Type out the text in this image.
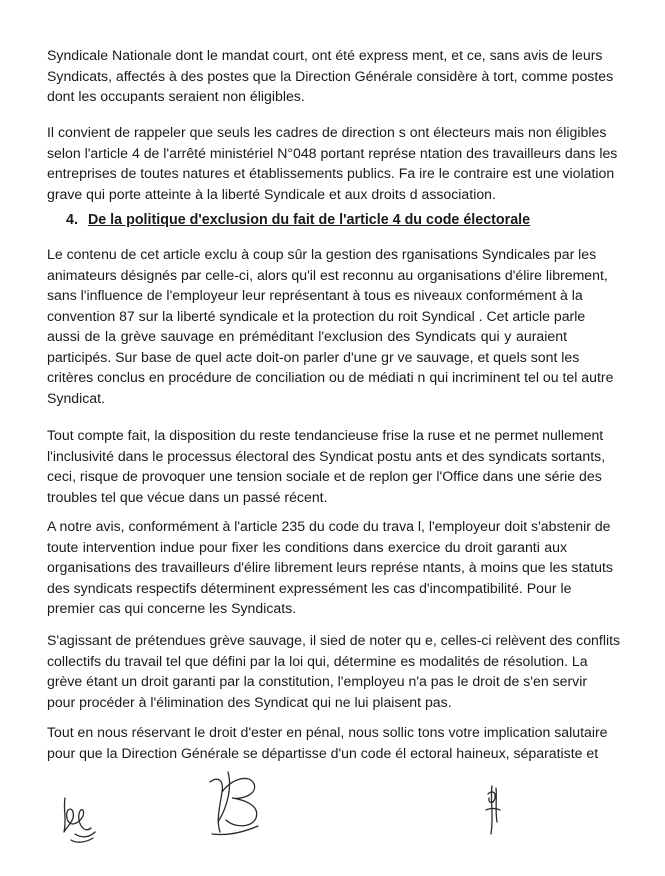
Syndicale Nationale dont le mandat court, ont été express ment, et ce, sans avis de leurs
Syndicats, affectés à des postes que la Direction Générale considère à tort, comme postes
dont les occupants seraient non éligibles.

Il convient de rappeler que seuls les cadres de direction s ont électeurs mais non éligibles
selon l'article 4 de l'arrêté ministériel N°048 portant représe ntation des travailleurs dans les
entreprises de toutes natures et établissements publics. Fa ire le contraire est une violation
grave qui porte atteinte à la liberté Syndicale et aux droits d association.

4. De la politique d'exclusion du fait de l'article 4 du code électorale

Le contenu de cet article exclu à coup sûr la gestion des rganisations Syndicales par les
animateurs désignés par celle-ci, alors qu'il est reconnu au organisations d'élire librement,
sans l'influence de l'employeur leur représentant à tous es niveaux conformément à la
convention 87 sur la liberté syndicale et la protection du roit Syndical . Cet article parle
aussi de la grève sauvage en préméditant l'exclusion des Syndicats qui y auraient
participés. Sur base de quel acte doit-on parler d'une gr ve sauvage, et quels sont les
critères conclus en procédure de conciliation ou de médiati n qui incriminent tel ou tel autre
Syndicat.

Tout compte fait, la disposition du reste tendancieuse frise la ruse et ne permet nullement
l'inclusivité dans le processus électoral des Syndicat postu ants et des syndicats sortants,
ceci, risque de provoquer une tension sociale et de replon ger l'Office dans une série des
troubles tel que vécue dans un passé récent.

A notre avis, conformément à l'article 235 du code du trava l, l'employeur doit s'abstenir de
toute intervention indue pour fixer les conditions dans exercice du droit garanti aux
organisations des travailleurs d'élire librement leurs représe ntants, à moins que les statuts
des syndicats respectifs déterminent expressément les cas d'incompatibilité. Pour le
premier cas qui concerne les Syndicats.

S'agissant de prétendues grève sauvage, il sied de noter qu e, celles-ci relèvent des conflits
collectifs du travail tel que défini par la loi qui, détermine es modalités de résolution. La
grève étant un droit garanti par la constitution, l'employeu n'a pas le droit de s'en servir
pour procéder à l'élimination des Syndicat qui ne lui plaisent pas.

Tout en nous réservant le droit d'ester en pénal, nous sollic tons votre implication salutaire
pour que la Direction Générale se départisse d'un code él ectoral haineux, séparatiste et
